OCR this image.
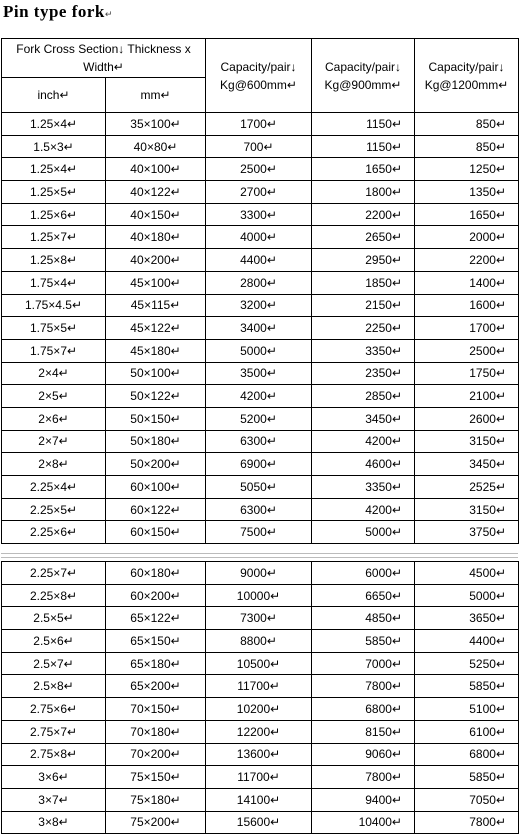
Pin type fork↵
Fork Cross Section↓ Thickness x Width↵		Capacity/pair↓ Kg@600mm↵	Capacity/pair↓ Kg@900mm↵	Capacity/pair↓ Kg@1200mm↵
inch↵	mm↵			
1.25×4↵	35×100↵	1700↵	1150↵	850↵
1.5×3↵	40×80↵	700↵	1150↵	850↵
1.25×4↵	40×100↵	2500↵	1650↵	1250↵
1.25×5↵	40×122↵	2700↵	1800↵	1350↵
1.25×6↵	40×150↵	3300↵	2200↵	1650↵
1.25×7↵	40×180↵	4000↵	2650↵	2000↵
1.25×8↵	40×200↵	4400↵	2950↵	2200↵
1.75×4↵	45×100↵	2800↵	1850↵	1400↵
1.75×4.5↵	45×115↵	3200↵	2150↵	1600↵
1.75×5↵	45×122↵	3400↵	2250↵	1700↵
1.75×7↵	45×180↵	5000↵	3350↵	2500↵
2×4↵	50×100↵	3500↵	2350↵	1750↵
2×5↵	50×122↵	4200↵	2850↵	2100↵
2×6↵	50×150↵	5200↵	3450↵	2600↵
2×7↵	50×180↵	6300↵	4200↵	3150↵
2×8↵	50×200↵	6900↵	4600↵	3450↵
2.25×4↵	60×100↵	5050↵	3350↵	2525↵
2.25×5↵	60×122↵	6300↵	4200↵	3150↵
2.25×6↵	60×150↵	7500↵	5000↵	3750↵
2.25×7↵	60×180↵	9000↵	6000↵	4500↵
2.25×8↵	60×200↵	10000↵	6650↵	5000↵
2.5×5↵	65×122↵	7300↵	4850↵	3650↵
2.5×6↵	65×150↵	8800↵	5850↵	4400↵
2.5×7↵	65×180↵	10500↵	7000↵	5250↵
2.5×8↵	65×200↵	11700↵	7800↵	5850↵
2.75×6↵	70×150↵	10200↵	6800↵	5100↵
2.75×7↵	70×180↵	12200↵	8150↵	6100↵
2.75×8↵	70×200↵	13600↵	9060↵	6800↵
3×6↵	75×150↵	11700↵	7800↵	5850↵
3×7↵	75×180↵	14100↵	9400↵	7050↵
3×8↵	75×200↵	15600↵	10400↵	7800↵
